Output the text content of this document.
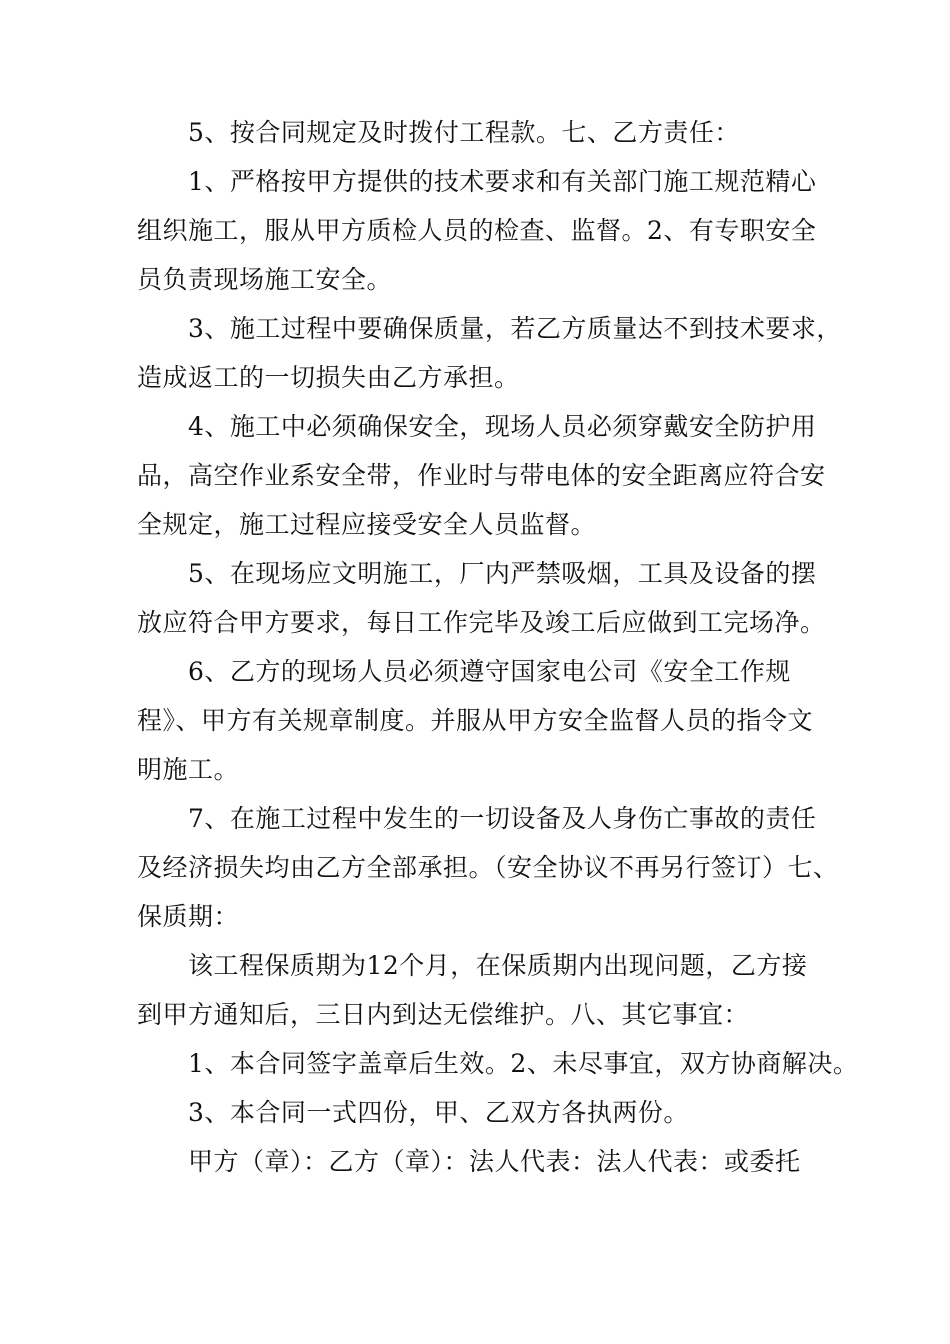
5、按合同规定及时拨付工程款。七、乙方责任：

1、严格按甲方提供的技术要求和有关部门施工规范精心
组织施工，服从甲方质检人员的检查、监督。2、有专职安全
员负责现场施工安全。

3、施工过程中要确保质量，若乙方质量达不到技术要求，
造成返工的一切损失由乙方承担。

4、施工中必须确保安全，现场人员必须穿戴安全防护用
品，高空作业系安全带，作业时与带电体的安全距离应符合安
全规定，施工过程应接受安全人员监督。

5、在现场应文明施工，厂内严禁吸烟，工具及设备的摆
放应符合甲方要求，每日工作完毕及竣工后应做到工完场净。

6、乙方的现场人员必须遵守国家电公司《安全工作规
程》、甲方有关规章制度。并服从甲方安全监督人员的指令文
明施工。

7、在施工过程中发生的一切设备及人身伤亡事故的责任
及经济损失均由乙方全部承担。（安全协议不再另行签订）七、
保质期：

该工程保质期为12个月，在保质期内出现问题，乙方接
到甲方通知后，三日内到达无偿维护。八、其它事宜：

1、本合同签字盖章后生效。2、未尽事宜，双方协商解决。

3、本合同一式四份，甲、乙双方各执两份。

甲方（章）：乙方（章）：法人代表：法人代表：或委托
